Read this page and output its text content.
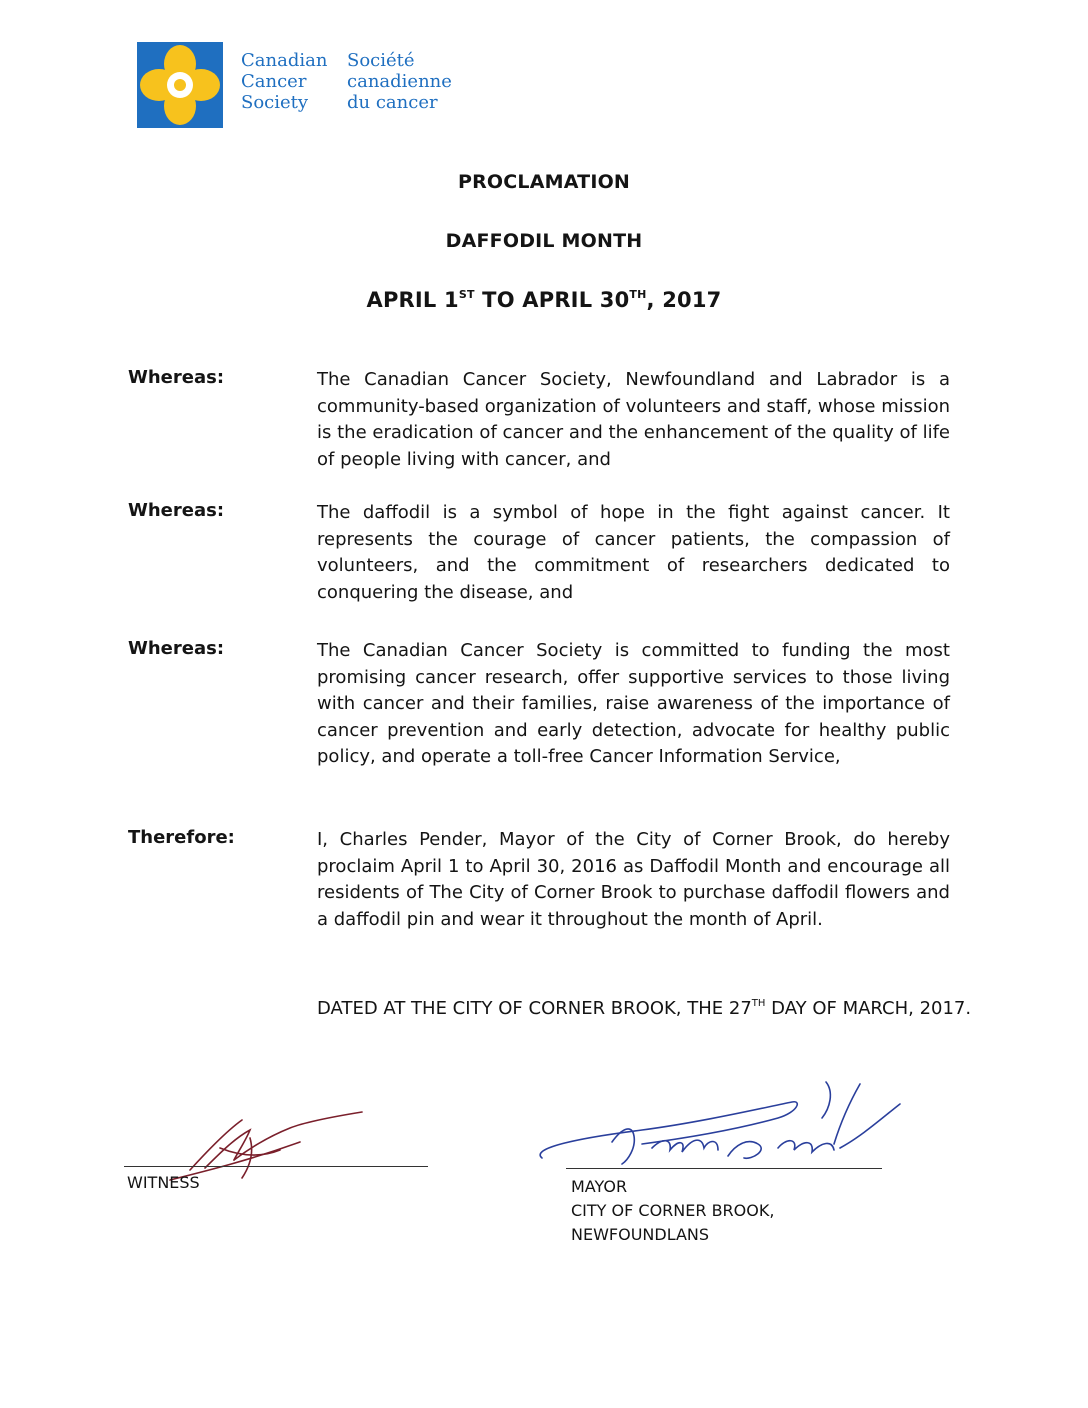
Canadian
Cancer
Society
Société
canadienne
du cancer
PROCLAMATION
DAFFODIL MONTH
APRIL 1ST TO APRIL 30TH, 2017
Whereas:	The Canadian Cancer Society, Newfoundland and Labrador is a community-based organization of volunteers and staff, whose mission is the eradication of cancer and the enhancement of the quality of life of people living with cancer, and
Whereas:	The daffodil is a symbol of hope in the fight against cancer. It represents the courage of cancer patients, the compassion of volunteers, and the commitment of researchers dedicated to conquering the disease, and
Whereas:	The Canadian Cancer Society is committed to funding the most promising cancer research, offer supportive services to those living with cancer and their families, raise awareness of the importance of cancer prevention and early detection, advocate for healthy public policy, and operate a toll-free Cancer Information Service,
Therefore:	I, Charles Pender, Mayor of the City of Corner Brook, do hereby proclaim April 1 to April 30, 2016 as Daffodil Month and encourage all residents of The City of Corner Brook to purchase daffodil flowers and a daffodil pin and wear it throughout the month of April.
DATED AT THE CITY OF CORNER BROOK, THE 27TH DAY OF MARCH, 2017.
WITNESS	MAYOR
CITY OF CORNER BROOK,
NEWFOUNDLANS
